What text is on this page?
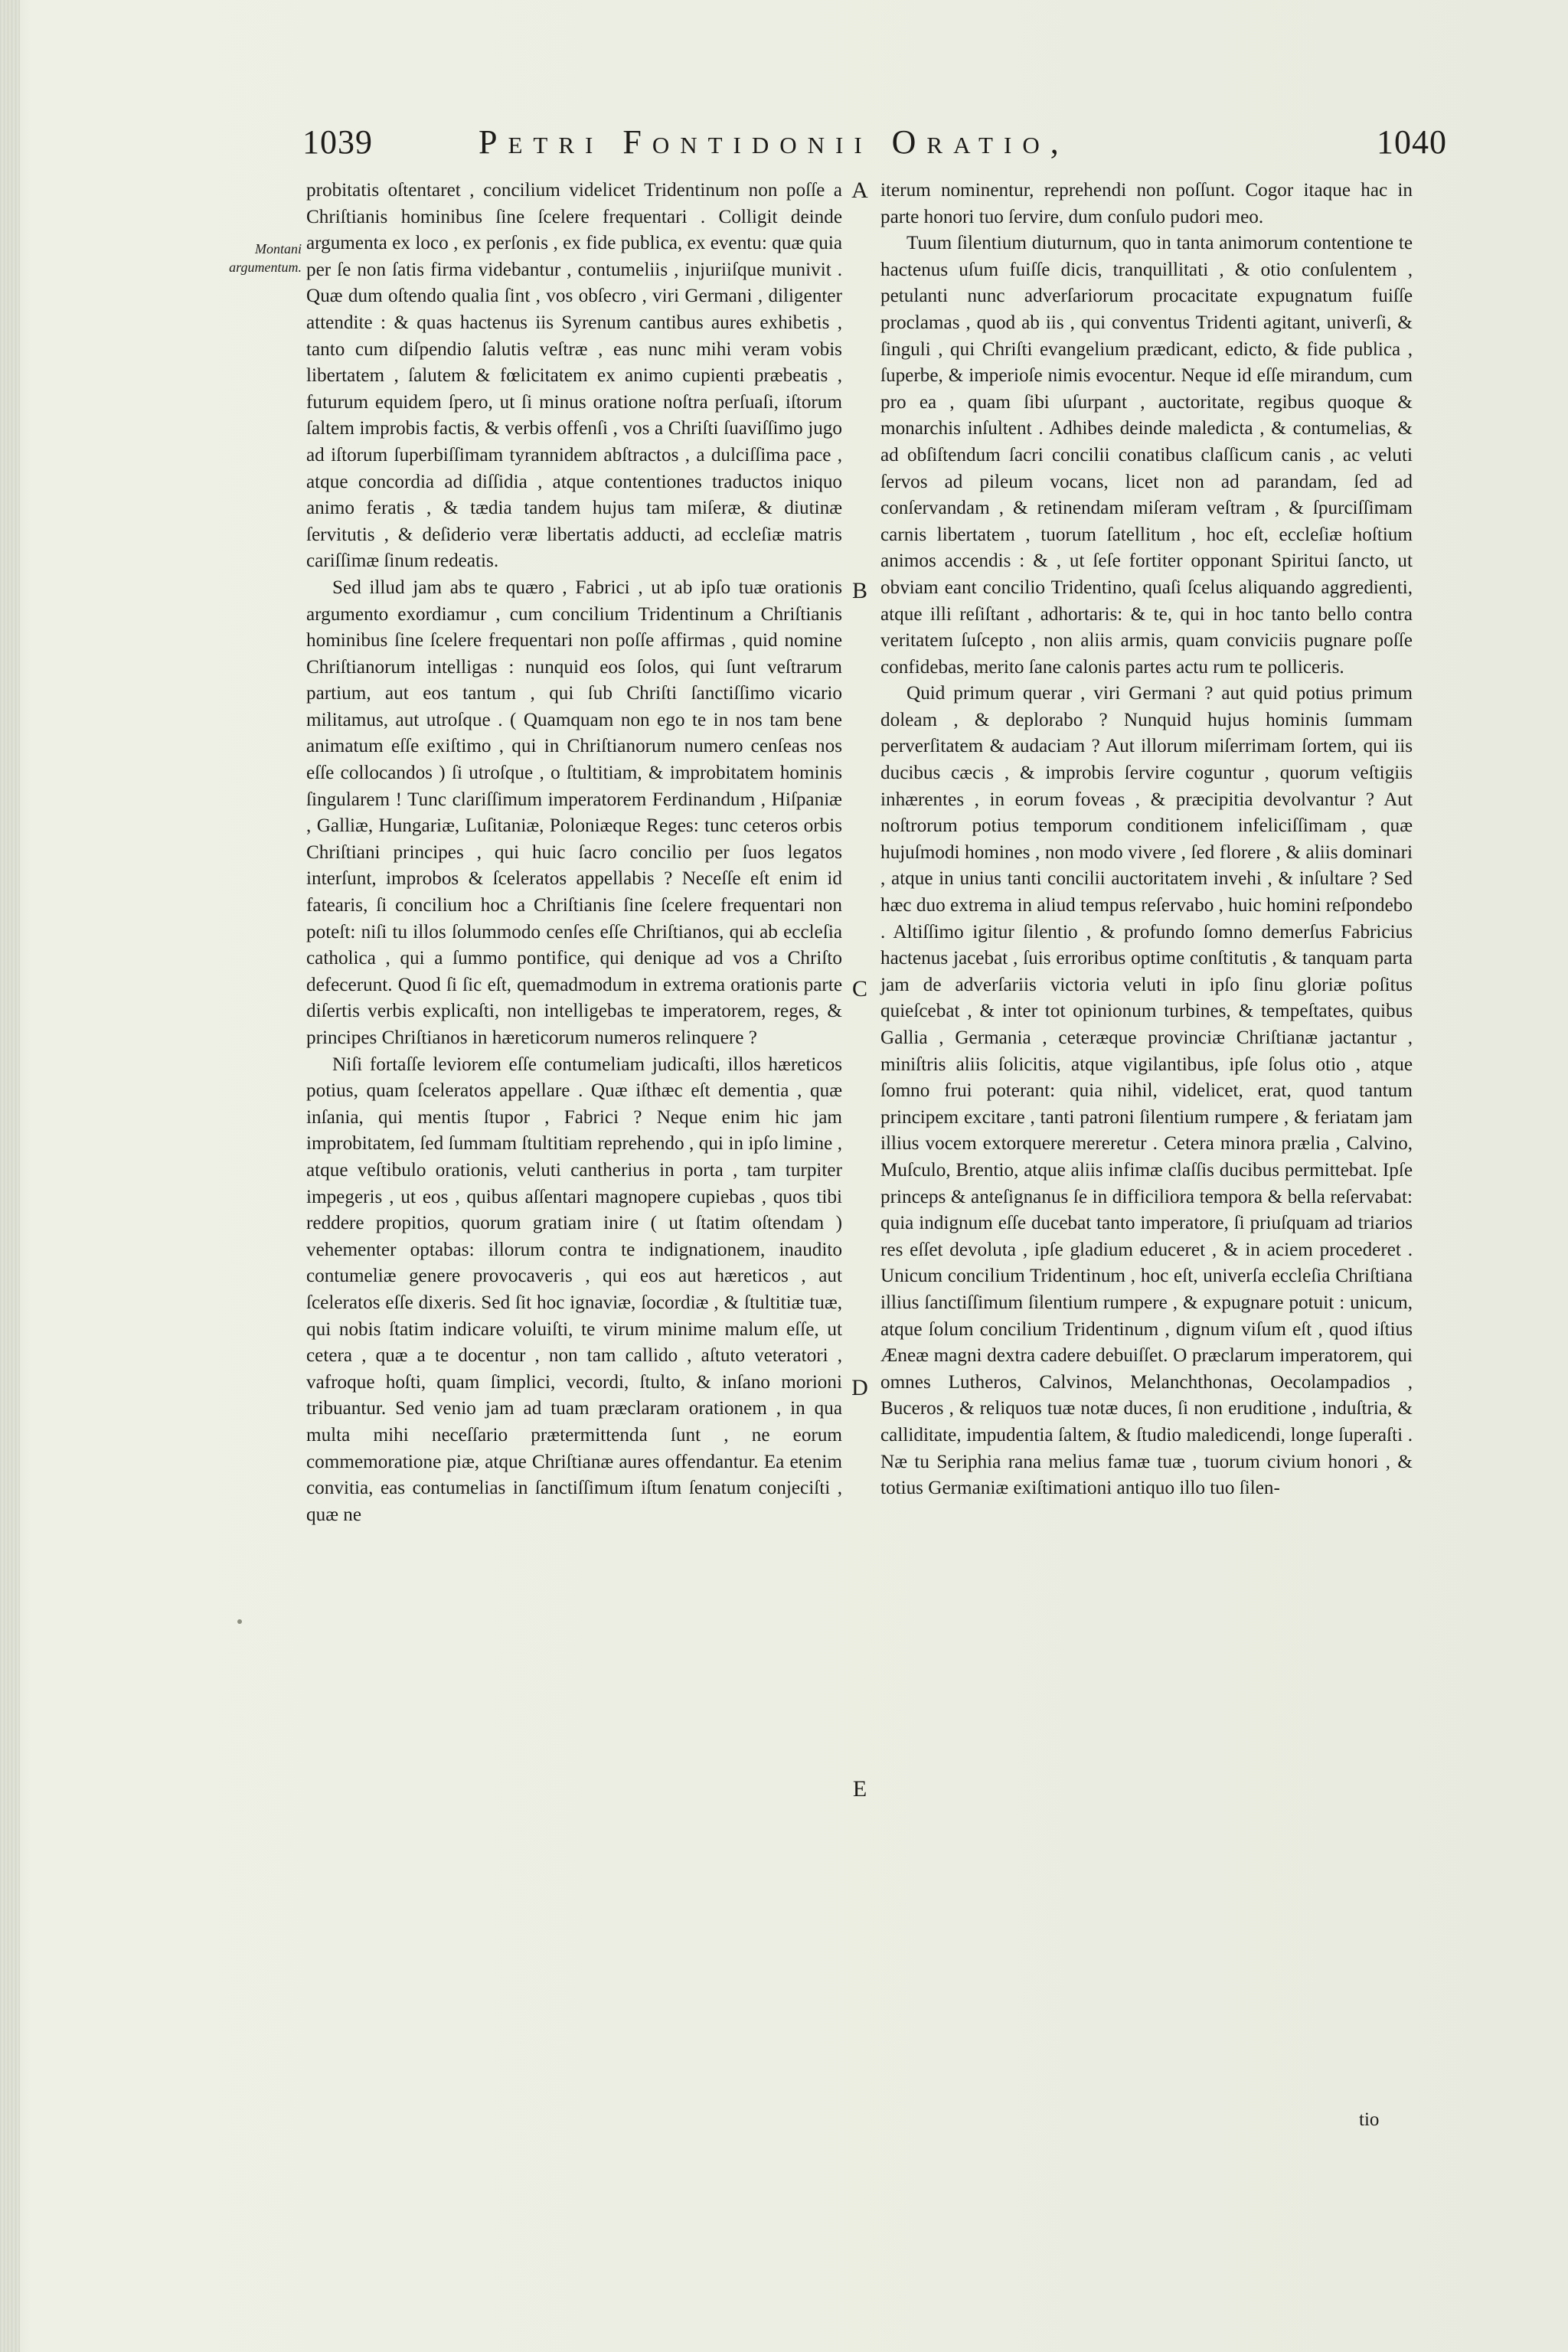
1039	Petri Fontidonii Oratio,	1040
Montani argumentum.

probitatis oſtentaret , concilium videlicet Tridentinum non poſſe a Chriſtianis hominibus ſine ſcelere frequentari . Colligit deinde argumenta ex loco , ex perſonis , ex fide publica, ex eventu: quæ quia per ſe non ſatis firma videbantur , contumeliis , injuriiſque munivit . Quæ dum oſtendo qualia ſint , vos obſecro , viri Germani , diligenter attendite : & quas hactenus iis Syrenum cantibus aures exhibetis , tanto cum diſpendio ſalutis veſtræ , eas nunc mihi veram vobis libertatem , ſalutem & fœlicitatem ex animo cupienti præbeatis , futurum equidem ſpero, ut ſi minus oratione noſtra perſuaſi, iſtorum ſaltem improbis factis, & verbis offenſi , vos a Chriſti ſuaviſſimo jugo ad iſtorum ſuperbiſſimam tyrannidem abſtractos , a dulciſſima pace , atque concordia ad diſſidia , atque contentiones traductos iniquo animo feratis , & tædia tandem hujus tam miſeræ, & diutinæ ſervitutis , & deſiderio veræ libertatis adducti, ad eccleſiæ matris cariſſimæ ſinum redeatis.

Sed illud jam abs te quæro , Fabrici , ut ab ipſo tuæ orationis argumento exordiamur , cum concilium Tridentinum a Chriſtianis hominibus ſine ſcelere frequentari non poſſe affirmas , quid nomine Chriſtianorum intelligas : nunquid eos ſolos, qui ſunt veſtrarum partium, aut eos tantum , qui ſub Chriſti ſanctiſſimo vicario militamus, aut utroſque . ( Quamquam non ego te in nos tam bene animatum eſſe exiſtimo , qui in Chriſtianorum numero cenſeas nos eſſe collocandos ) ſi utroſque , o ſtultitiam, & improbitatem hominis ſingularem ! Tunc clariſſimum imperatorem Ferdinandum , Hiſpaniæ , Galliæ, Hungariæ, Luſitaniæ, Poloniæque Reges: tunc ceteros orbis Chriſtiani principes , qui huic ſacro concilio per ſuos legatos interſunt, improbos & ſceleratos appellabis ? Neceſſe eſt enim id fatearis, ſi concilium hoc a Chriſtianis ſine ſcelere frequentari non poteſt: niſi tu illos ſolummodo cenſes eſſe Chriſtianos, qui ab eccleſia catholica , qui a ſummo pontifice, qui denique ad vos a Chriſto defecerunt. Quod ſi ſic eſt, quemadmodum in extrema orationis parte diſertis verbis explicaſti, non intelligebas te imperatorem, reges, & principes Chriſtianos in hæreticorum numeros relinquere ?

Niſi fortaſſe leviorem eſſe contumeliam judicaſti, illos hæreticos potius, quam ſceleratos appellare . Quæ iſthæc eſt dementia , quæ inſania, qui mentis ſtupor , Fabrici ? Neque enim hic jam improbitatem, ſed ſummam ſtultitiam reprehendo , qui in ipſo limine , atque veſtibulo orationis, veluti cantherius in porta , tam turpiter impegeris , ut eos , quibus aſſentari magnopere cupiebas , quos tibi reddere propitios, quorum gratiam inire ( ut ſtatim oſtendam ) vehementer optabas: illorum contra te indignationem, inaudito contumeliæ genere provocaveris , qui eos aut hæreticos , aut ſceleratos eſſe dixeris. Sed ſit hoc ignaviæ, ſocordiæ , & ſtultitiæ tuæ, qui nobis ſtatim indicare voluiſti, te virum minime malum eſſe, ut cetera , quæ a te docentur , non tam callido , aſtuto veteratori , vafroque hoſti, quam ſimplici, vecordi, ſtulto, & inſano morioni tribuantur. Sed venio jam ad tuam præclaram orationem , in qua multa mihi neceſſario prætermittenda ſunt , ne eorum commemoratione piæ, atque Chriſtianæ aures offendantur. Ea etenim convitia, eas contumelias in ſanctiſſimum iſtum ſenatum conjeciſti , quæ ne

A
B
C
D
E

iterum nominentur, reprehendi non poſſunt. Cogor itaque hac in parte honori tuo ſervire, dum conſulo pudori meo.

Tuum ſilentium diuturnum, quo in tanta animorum contentione te hactenus uſum fuiſſe dicis, tranquillitati , & otio conſulentem , petulanti nunc adverſariorum procacitate expugnatum fuiſſe proclamas , quod ab iis , qui conventus Tridenti agitant, univerſi, & ſinguli , qui Chriſti evangelium prædicant, edicto, & fide publica , ſuperbe, & imperioſe nimis evocentur. Neque id eſſe mirandum, cum pro ea , quam ſibi uſurpant , auctoritate, regibus quoque & monarchis inſultent . Adhibes deinde maledicta , & contumelias, & ad obſiſtendum ſacri concilii conatibus claſſicum canis , ac veluti ſervos ad pileum vocans, licet non ad parandam, ſed ad conſervandam , & retinendam miſeram veſtram , & ſpurciſſimam carnis libertatem , tuorum ſatellitum , hoc eſt, eccleſiæ hoſtium animos accendis : & , ut ſeſe fortiter opponant Spiritui ſancto, ut obviam eant concilio Tridentino, quaſi ſcelus aliquando aggredienti, atque illi reſiſtant , adhortaris: & te, qui in hoc tanto bello contra veritatem ſuſcepto , non aliis armis, quam conviciis pugnare poſſe confidebas, merito ſane calonis partes actu rum te polliceris.

Quid primum querar , viri Germani ? aut quid potius primum doleam , & deplorabo ? Nunquid hujus hominis ſummam perverſitatem & audaciam ? Aut illorum miſerrimam ſortem, qui iis ducibus cæcis , & improbis ſervire coguntur , quorum veſtigiis inhærentes , in eorum foveas , & præcipitia devolvantur ? Aut noſtrorum potius temporum conditionem infeliciſſimam , quæ hujuſmodi homines , non modo vivere , ſed florere , & aliis dominari , atque in unius tanti concilii auctoritatem invehi , & inſultare ? Sed hæc duo extrema in aliud tempus reſervabo , huic homini reſpondebo . Altiſſimo igitur ſilentio , & profundo ſomno demerſus Fabricius hactenus jacebat , ſuis erroribus optime conſtitutis , & tanquam parta jam de adverſariis victoria veluti in ipſo ſinu gloriæ poſitus quieſcebat , & inter tot opinionum turbines, & tempeſtates, quibus Gallia , Germania , ceteræque provinciæ Chriſtianæ jactantur , miniſtris aliis ſolicitis, atque vigilantibus, ipſe ſolus otio , atque ſomno frui poterant: quia nihil, videlicet, erat, quod tantum principem excitare , tanti patroni ſilentium rumpere , & feriatam jam illius vocem extorquere mereretur . Cetera minora prælia , Calvino, Muſculo, Brentio, atque aliis infimæ claſſis ducibus permittebat. Ipſe princeps & anteſignanus ſe in difficiliora tempora & bella reſervabat: quia indignum eſſe ducebat tanto imperatore, ſi priuſquam ad triarios res eſſet devoluta , ipſe gladium educeret , & in aciem procederet . Unicum concilium Tridentinum , hoc eſt, univerſa eccleſia Chriſtiana illius ſanctiſſimum ſilentium rumpere , & expugnare potuit : unicum, atque ſolum concilium Tridentinum , dignum viſum eſt , quod iſtius Æneæ magni dextra cadere debuiſſet. O præclarum imperatorem, qui omnes Lutheros, Calvinos, Melanchthonas, Oecolampadios , Buceros , & reliquos tuæ notæ duces, ſi non eruditione , induſtria, & calliditate, impudentia ſaltem, & ſtudio maledicendi, longe ſuperaſti . Næ tu Seriphia rana melius famæ tuæ , tuorum civium honori , & totius Germaniæ exiſtimationi antiquo illo tuo ſilen-

tio
